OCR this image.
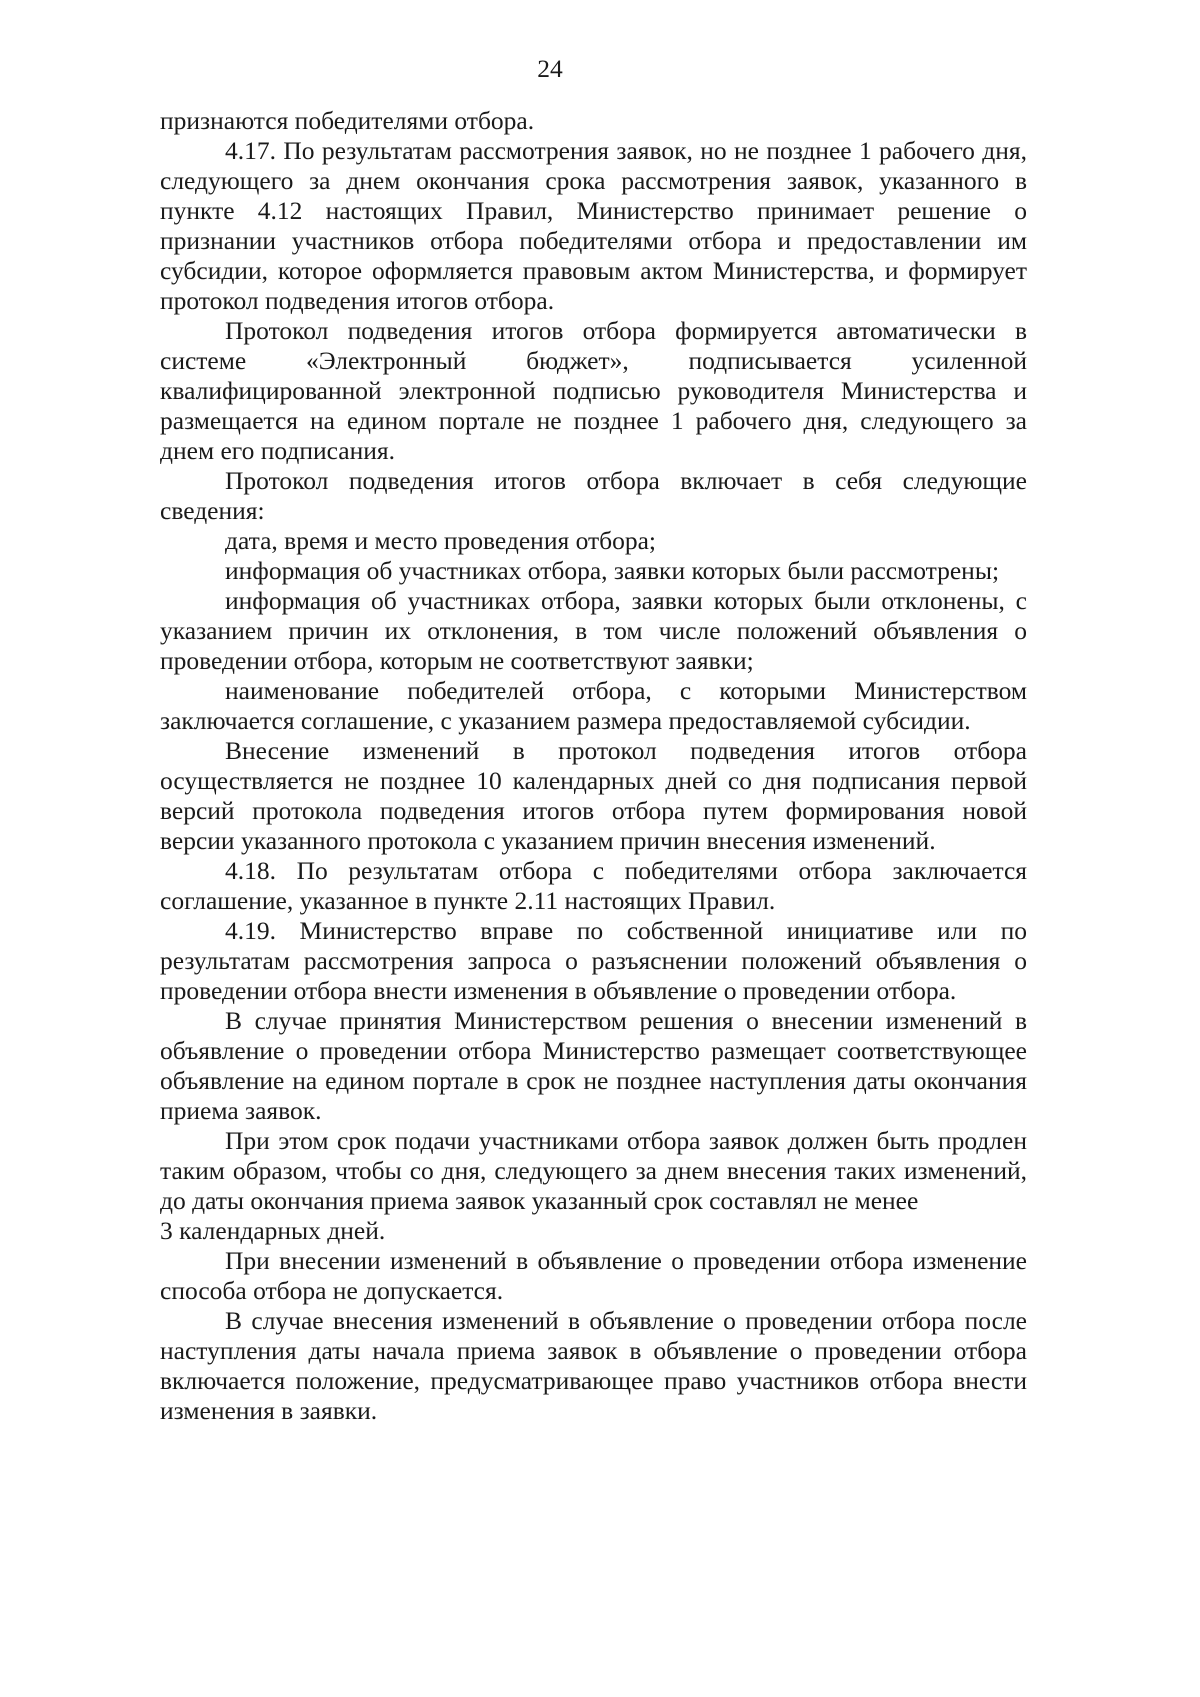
24

признаются победителями отбора.

4.17. По результатам рассмотрения заявок, но не позднее 1 рабочего дня, следующего за днем окончания срока рассмотрения заявок, указанного в пункте 4.12 настоящих Правил, Министерство принимает решение о признании участников отбора победителями отбора и предоставлении им субсидии, которое оформляется правовым актом Министерства, и формирует протокол подведения итогов отбора.

Протокол подведения итогов отбора формируется автоматически в системе «Электронный бюджет», подписывается усиленной квалифицированной электронной подписью руководителя Министерства и размещается на едином портале не позднее 1 рабочего дня, следующего за днем его подписания.

Протокол подведения итогов отбора включает в себя следующие сведения:

дата, время и место проведения отбора;

информация об участниках отбора, заявки которых были рассмотрены;

информация об участниках отбора, заявки которых были отклонены, с указанием причин их отклонения, в том числе положений объявления о проведении отбора, которым не соответствуют заявки;

наименование победителей отбора, с которыми Министерством заключается соглашение, с указанием размера предоставляемой субсидии.

Внесение изменений в протокол подведения итогов отбора осуществляется не позднее 10 календарных дней со дня подписания первой версий протокола подведения итогов отбора путем формирования новой версии указанного протокола с указанием причин внесения изменений.

4.18. По результатам отбора с победителями отбора заключается соглашение, указанное в пункте 2.11 настоящих Правил.

4.19. Министерство вправе по собственной инициативе или по результатам рассмотрения запроса о разъяснении положений объявления о проведении отбора внести изменения в объявление о проведении отбора.

В случае принятия Министерством решения о внесении изменений в объявление о проведении отбора Министерство размещает соответствующее объявление на едином портале в срок не позднее наступления даты окончания приема заявок.

При этом срок подачи участниками отбора заявок должен быть продлен таким образом, чтобы со дня, следующего за днем внесения таких изменений, до даты окончания приема заявок указанный срок составлял не менее

3 календарных дней.

При внесении изменений в объявление о проведении отбора изменение способа отбора не допускается.

В случае внесения изменений в объявление о проведении отбора после наступления даты начала приема заявок в объявление о проведении отбора включается положение, предусматривающее право участников отбора внести изменения в заявки.
